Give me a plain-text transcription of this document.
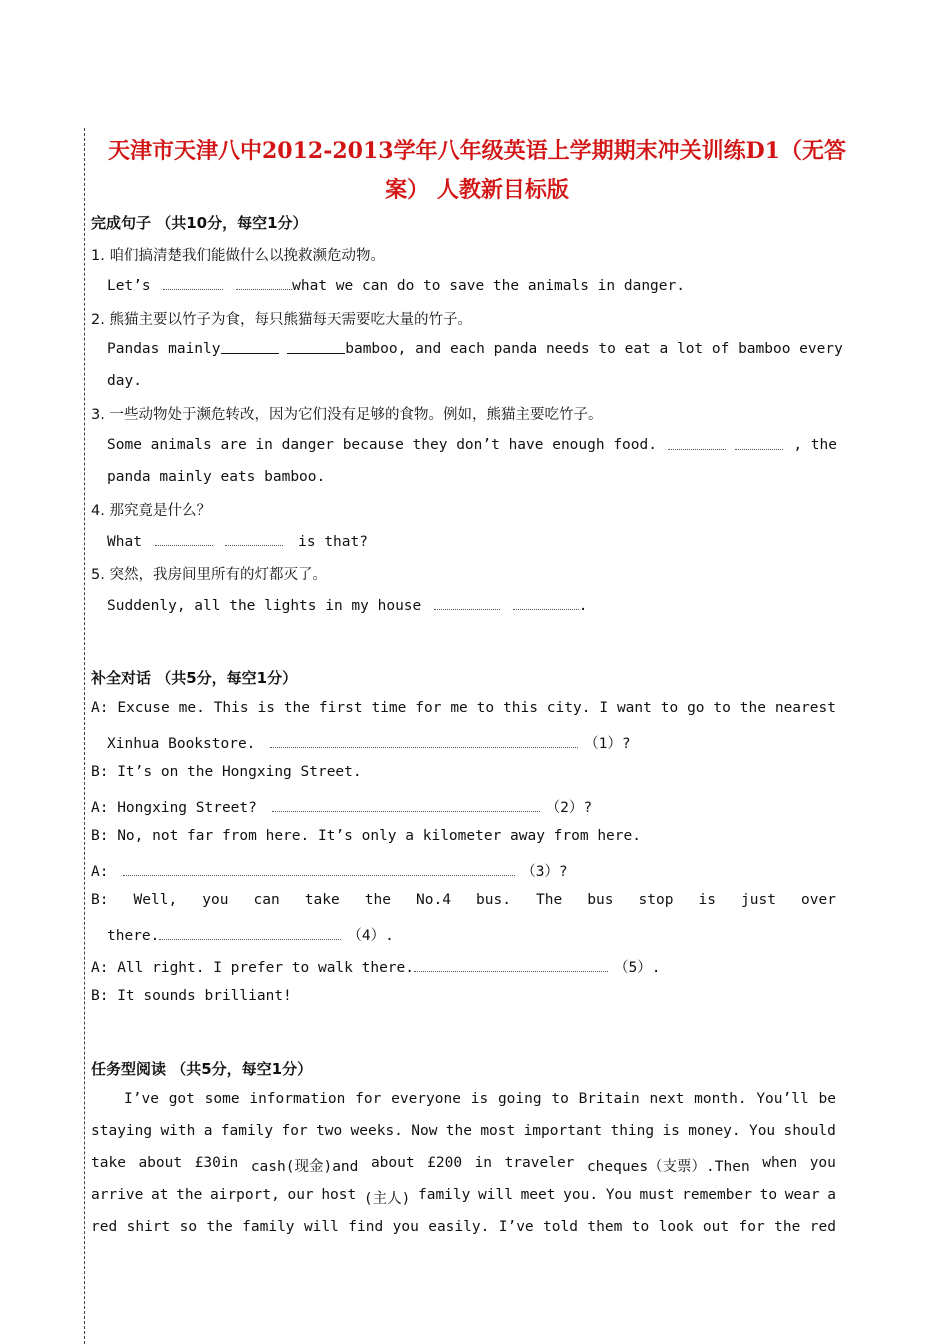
天津市天津八中2012-2013学年八年级英语上学期期末冲关训练D1（无答
案） 人教新目标版
完成句子 （共10分，每空1分）
1. 咱们搞清楚我们能做什么以挽救濒危动物。
Let’s	what we can do to save the animals in danger.
2. 熊猫主要以竹子为食，每只熊猫每天需要吃大量的竹子。
Pandas mainly
	bamboo, and each panda needs to eat a lot of bamboo every
day.
3. 一些动物处于濒危转改，因为它们没有足够的食物。例如，熊猫主要吃竹子。
Some animals are in danger because they don’t have enough food.
	, the
panda mainly eats bamboo.
4. 那究竟是什么？
What	is that?
5. 突然，我房间里所有的灯都灭了。
Suddenly, all the lights in my house	.
补全对话 （共5分，每空1分）
A: Excuse me. This is the first time for me to this city. I want to go to the nearest
Xinhua Bookstore.	（1）?
B: It’s on the Hongxing Street.
A: Hongxing Street?	（2）?
B: No, not far from here. It’s only a kilometer away from here.
A:	（3）?
B: Well, you can take the No.4 bus. The bus stop is just over
there.	（4）.
A: All right. I prefer to walk there.	（5）.
B: It sounds brilliant!
任务型阅读 （共5分，每空1分）
I’ve got some information for everyone is going to Britain next month. You’ll be
staying with a family for two weeks. Now the most important thing is money. You should
take about £30in cash(现金)and about £200 in traveler cheques（支票）.Then when you
arrive at the airport, our host (主人) family will meet you. You must remember to wear a
red shirt so the family will find you easily. I’ve told them to look out for the red
